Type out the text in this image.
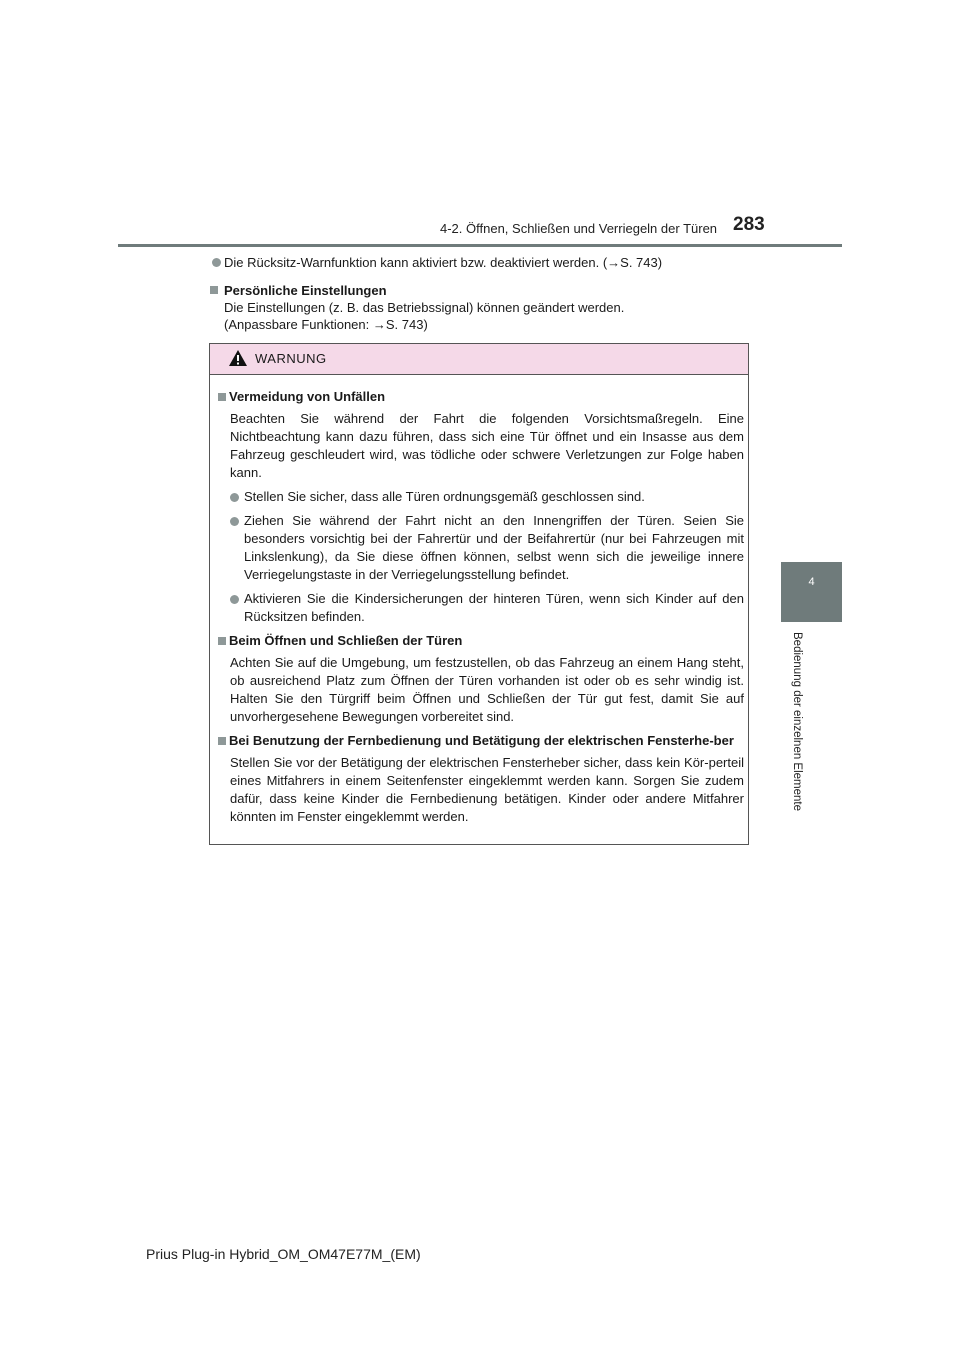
4-2. Öffnen, Schließen und Verriegeln der Türen 283
4
Bedienung der einzelnen Elemente
Die Rücksitz-Warnfunktion kann aktiviert bzw. deaktiviert werden. (→S. 743)
Persönliche Einstellungen
Die Einstellungen (z. B. das Betriebssignal) können geändert werden.
(Anpassbare Funktionen: →S. 743)
WARNUNG
Vermeidung von Unfällen
Beachten Sie während der Fahrt die folgenden Vorsichtsmaßregeln. Eine Nichtbeachtung kann dazu führen, dass sich eine Tür öffnet und ein Insasse aus dem Fahrzeug geschleudert wird, was tödliche oder schwere Verletzungen zur Folge haben kann.
Stellen Sie sicher, dass alle Türen ordnungsgemäß geschlossen sind.
Ziehen Sie während der Fahrt nicht an den Innengriffen der Türen. Seien Sie besonders vorsichtig bei der Fahrertür und der Beifahrertür (nur bei Fahrzeugen mit Linkslenkung), da Sie diese öffnen können, selbst wenn sich die jeweilige innere Verriegelungstaste in der Verriegelungsstellung befindet.
Aktivieren Sie die Kindersicherungen der hinteren Türen, wenn sich Kinder auf den Rücksitzen befinden.
Beim Öffnen und Schließen der Türen
Achten Sie auf die Umgebung, um festzustellen, ob das Fahrzeug an einem Hang steht, ob ausreichend Platz zum Öffnen der Türen vorhanden ist oder ob es sehr windig ist. Halten Sie den Türgriff beim Öffnen und Schließen der Tür gut fest, damit Sie auf unvorhergesehene Bewegungen vorbereitet sind.
Bei Benutzung der Fernbedienung und Betätigung der elektrischen Fensterhe-ber
Stellen Sie vor der Betätigung der elektrischen Fensterheber sicher, dass kein Kör-perteil eines Mitfahrers in einem Seitenfenster eingeklemmt werden kann. Sorgen Sie zudem dafür, dass keine Kinder die Fernbedienung betätigen. Kinder oder andere Mitfahrer könnten im Fenster eingeklemmt werden.
Prius Plug-in Hybrid_OM_OM47E77M_(EM)
